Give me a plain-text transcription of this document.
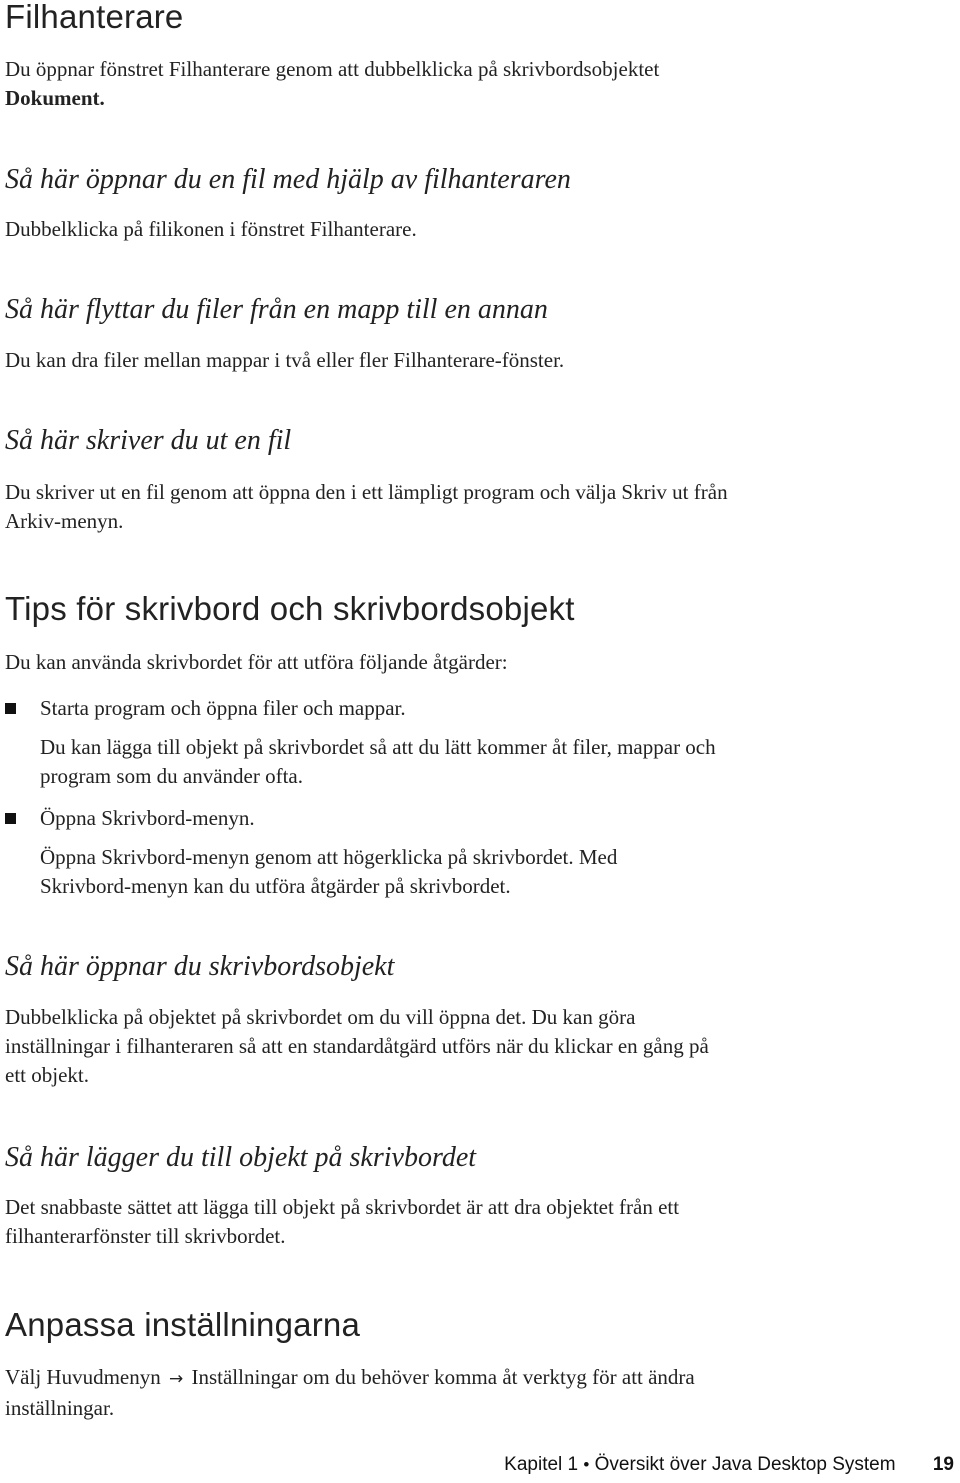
Filhanterare
Du öppnar fönstret Filhanterare genom att dubbelklicka på skrivbordsobjektet
Dokument.
Så här öppnar du en fil med hjälp av filhanteraren
Dubbelklicka på filikonen i fönstret Filhanterare.
Så här flyttar du filer från en mapp till en annan
Du kan dra filer mellan mappar i två eller fler Filhanterare-fönster.
Så här skriver du ut en fil
Du skriver ut en fil genom att öppna den i ett lämpligt program och välja Skriv ut från
Arkiv-menyn.
Tips för skrivbord och skrivbordsobjekt
Du kan använda skrivbordet för att utföra följande åtgärder:
Starta program och öppna filer och mappar.
Du kan lägga till objekt på skrivbordet så att du lätt kommer åt filer, mappar och
program som du använder ofta.
Öppna Skrivbord-menyn.
Öppna Skrivbord-menyn genom att högerklicka på skrivbordet. Med
Skrivbord-menyn kan du utföra åtgärder på skrivbordet.
Så här öppnar du skrivbordsobjekt
Dubbelklicka på objektet på skrivbordet om du vill öppna det. Du kan göra
inställningar i filhanteraren så att en standardåtgärd utförs när du klickar en gång på
ett objekt.
Så här lägger du till objekt på skrivbordet
Det snabbaste sättet att lägga till objekt på skrivbordet är att dra objektet från ett
filhanterarfönster till skrivbordet.
Anpassa inställningarna
Välj Huvudmenyn → Inställningar om du behöver komma åt verktyg för att ändra
inställningar.
Kapitel 1 • Översikt över Java Desktop System 19
